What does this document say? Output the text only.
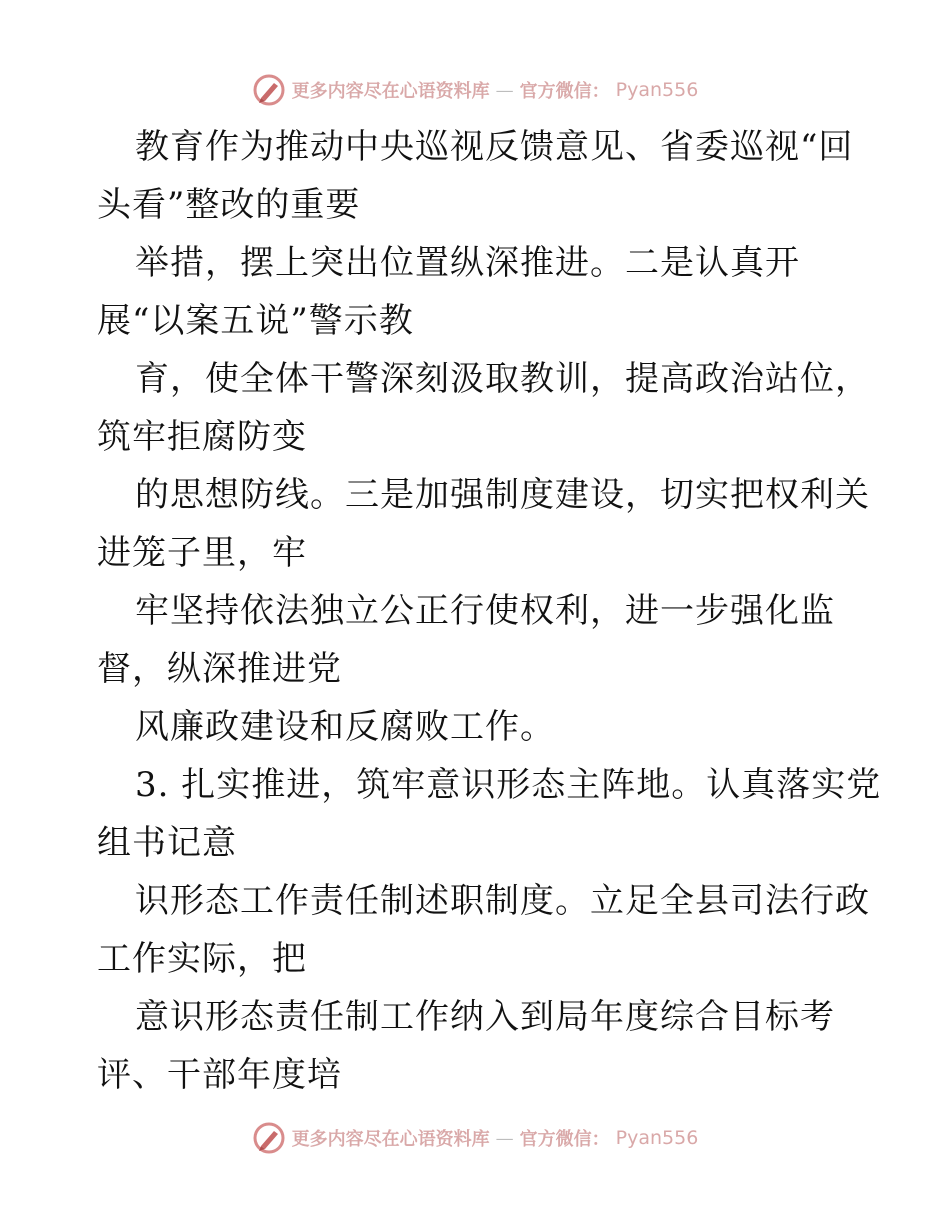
更多内容尽在心语资料库 — 官方微信： Pyan556
教育作为推动中央巡视反馈意见、省委巡视“回
头看”整改的重要
举措，摆上突出位置纵深推进。二是认真开
展“以案五说”警示教
育，使全体干警深刻汲取教训，提高政治站位，
筑牢拒腐防变
的思想防线。三是加强制度建设，切实把权利关
进笼子里，牢
牢坚持依法独立公正行使权利，进一步强化监
督，纵深推进党
风廉政建设和反腐败工作。
3. 扎实推进，筑牢意识形态主阵地。认真落实党
组书记意
识形态工作责任制述职制度。立足全县司法行政
工作实际，把
意识形态责任制工作纳入到局年度综合目标考
评、干部年度培
更多内容尽在心语资料库 — 官方微信： Pyan556
